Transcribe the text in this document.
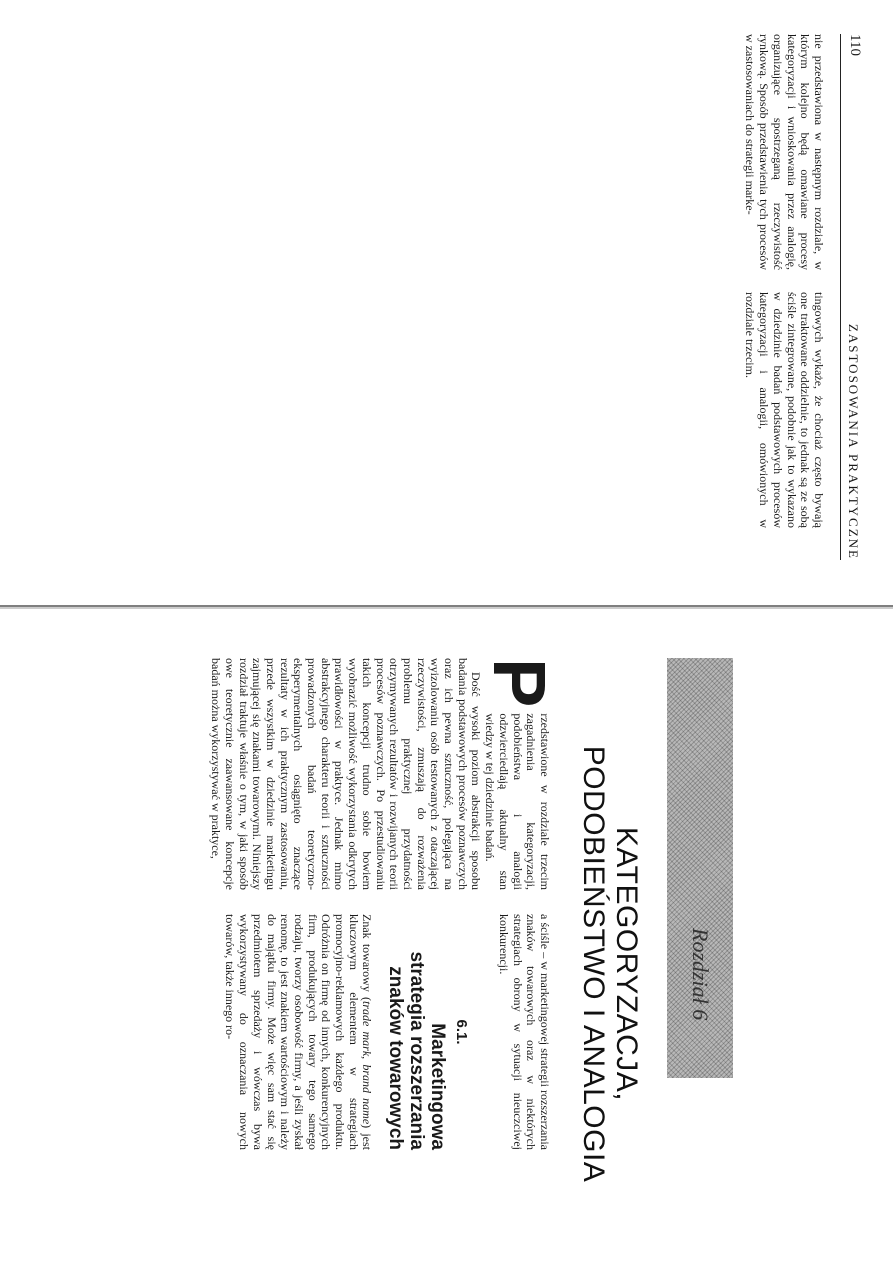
110
ZASTOSOWANIA PRAKTYCZNE

nie przedstawiona w następnym rozdziale, w którym kolejno będą omawiane procesy kategoryzacji i wnioskowania przez analogię, organizujące spostrzeganą rzeczywistość rynkową. Sposób przedstawienia tych procesów w zastosowaniach do strategii marke-

tingowych wykaże, że chociaż często bywają one traktowane oddzielnie, to jednak są ze sobą ściśle zintegrowane, podobnie jak to wykazano w dziedzinie badań podstawowych procesów kategoryzacji i analogii, omówionych w rozdziale trzecim.

Rozdział 6
KATEGORYZACJA,
PODOBIEŃSTWO I ANALOGIA

P
rzedstawione w rozdziale trzecim zagadnienia kategoryzacji, podobieństwa i analogii odzwierciedlają aktualny stan wiedzy w tej dziedzinie badań.

Dość wysoki poziom abstrakcji sposobu badania podstawowych procesów poznawczych oraz ich pewna sztuczność, polegająca na wyizolowaniu osób testowanych z otaczającej rzeczywistości, zmuszają do rozważenia problemu praktycznej przydatności otrzymywanych rezultatów i rozwijanych teorii procesów poznawczych. Po przestudiowaniu takich koncepcji trudno sobie bowiem wyobrazić możliwość wykorzystania odkrytych prawidłowości w praktyce. Jednak mimo abstrakcyjnego charakteru teorii i sztuczności prowadzonych badań teoretyczno-eksperymentalnych osiągnięto znaczące rezultaty w ich praktycznym zastosowaniu, przede wszystkim w dziedzinie marketingu zajmującej się znakami towarowymi. Niniejszy rozdział traktuje właśnie o tym, w jaki sposób owe teoretycznie zaawansowane koncepcje badań można wykorzystywać w praktyce,

a ściśle – w marketingowej strategii rozszerzania znaków towarowych oraz w niektórych strategiach obrony w sytuacji nieuczciwej konkurencji.

6.1.
Marketingowa
strategia rozszerzania
znaków towarowych

Znak towarowy (trade mark, brand name) jest kluczowym elementem w strategiach promocyjno-reklamowych każdego produktu. Odróżnia on firmę od innych, konkurencyjnych firm, produkujących towary tego samego rodzaju, tworzy osobowość firmy, a jeśli zyskał renomę, to jest znakiem wartościowym i należy do majątku firmy. Może więc sam stać się przedmiotem sprzedaży i wówczas bywa wykorzystywany do oznaczania nowych towarów, także innego ro-
